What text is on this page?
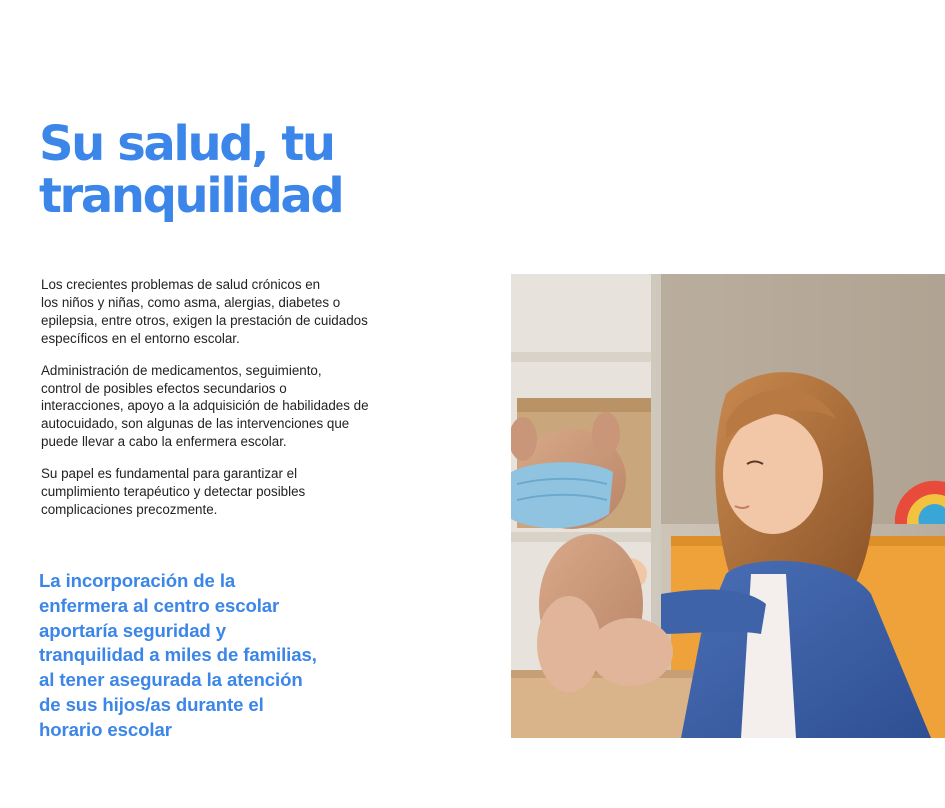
Su salud, tu
tranquilidad

Los crecientes problemas de salud crónicos en
los niños y niñas, como asma, alergias, diabetes o
epilepsia, entre otros, exigen la prestación de cuidados
específicos en el entorno escolar.

Administración de medicamentos, seguimiento,
control de posibles efectos secundarios o
interacciones, apoyo a la adquisición de habilidades de
autocuidado, son algunas de las intervenciones que
puede llevar a cabo la enfermera escolar.

Su papel es fundamental para garantizar el
cumplimiento terapéutico y detectar posibles
complicaciones precozmente.

La incorporación de la
enfermera al centro escolar
aportaría seguridad y
tranquilidad a miles de familias,
al tener asegurada la atención
de sus hijos/as durante el
horario escolar
